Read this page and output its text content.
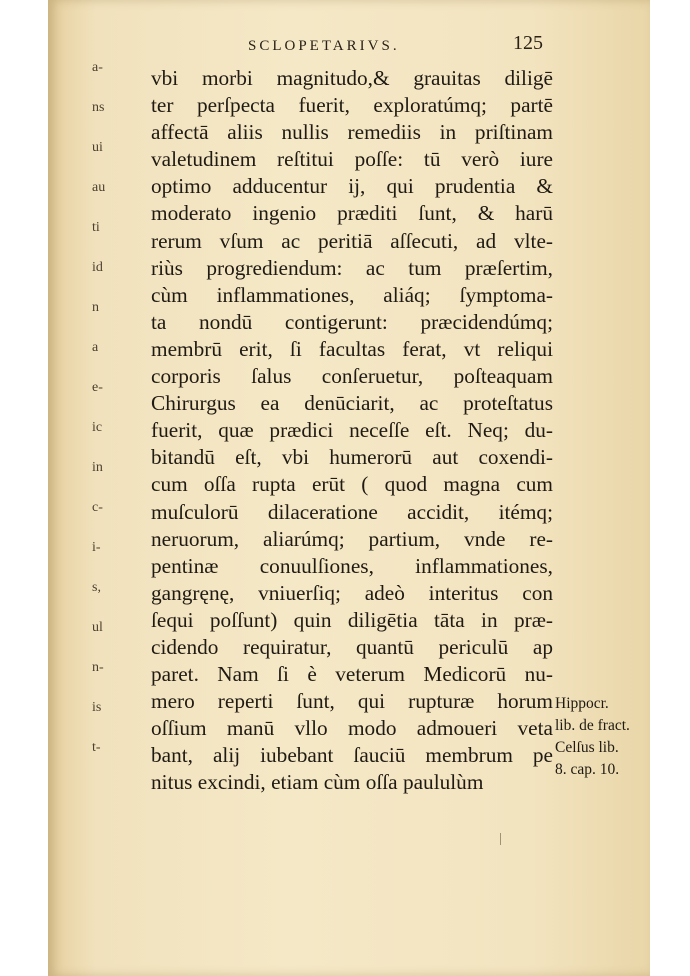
a-
ns
ui
au
ti
id
n
a
e-
ic
in
c-
i-
s,
ul
n-
is
t-
SCLOPETARIVS.	125
vbi morbi magnitudo,& grauitas diligē
ter perſpecta fuerit, exploratúmq; partē
affectā aliis nullis remediis in priſtinam
valetudinem reſtitui poſſe: tū verò iure
optimo adducentur ij, qui prudentia &
moderato ingenio præditi ſunt, & harū
rerum vſum ac peritiā aſſecuti, ad vlte-
riùs progrediendum: ac tum præſertim,
cùm inflammationes, aliáq; ſymptoma-
ta nondū contigerunt: præcidendúmq;
membrū erit, ſi facultas ferat, vt reliqui
corporis ſalus conſeruetur, poſteaquam
Chirurgus ea denūciarit, ac proteſtatus
fuerit, quæ prædici neceſſe eſt. Neq; du-
bitandū eſt, vbi humerorū aut coxendi-
cum oſſa rupta erūt ( quod magna cum
muſculorū dilaceratione accidit, itémq;
neruorum, aliarúmq; partium, vnde re-
pentinæ conuulſiones, inflammationes,
gangręnę, vniuerſiq; adeò interitus con
ſequi poſſunt) quin diligētia tāta in præ-
cidendo requiratur, quantū periculū ap
paret. Nam ſi è veterum Medicorū nu-
mero reperti ſunt, qui rupturæ horum
oſſium manū vllo modo admoueri veta
bant, alij iubebant ſauciū membrum pe
nitus excindi, etiam cùm oſſa paululùm
Hippocr.
lib. de fract.
Celſus lib.
8. cap. 10.
